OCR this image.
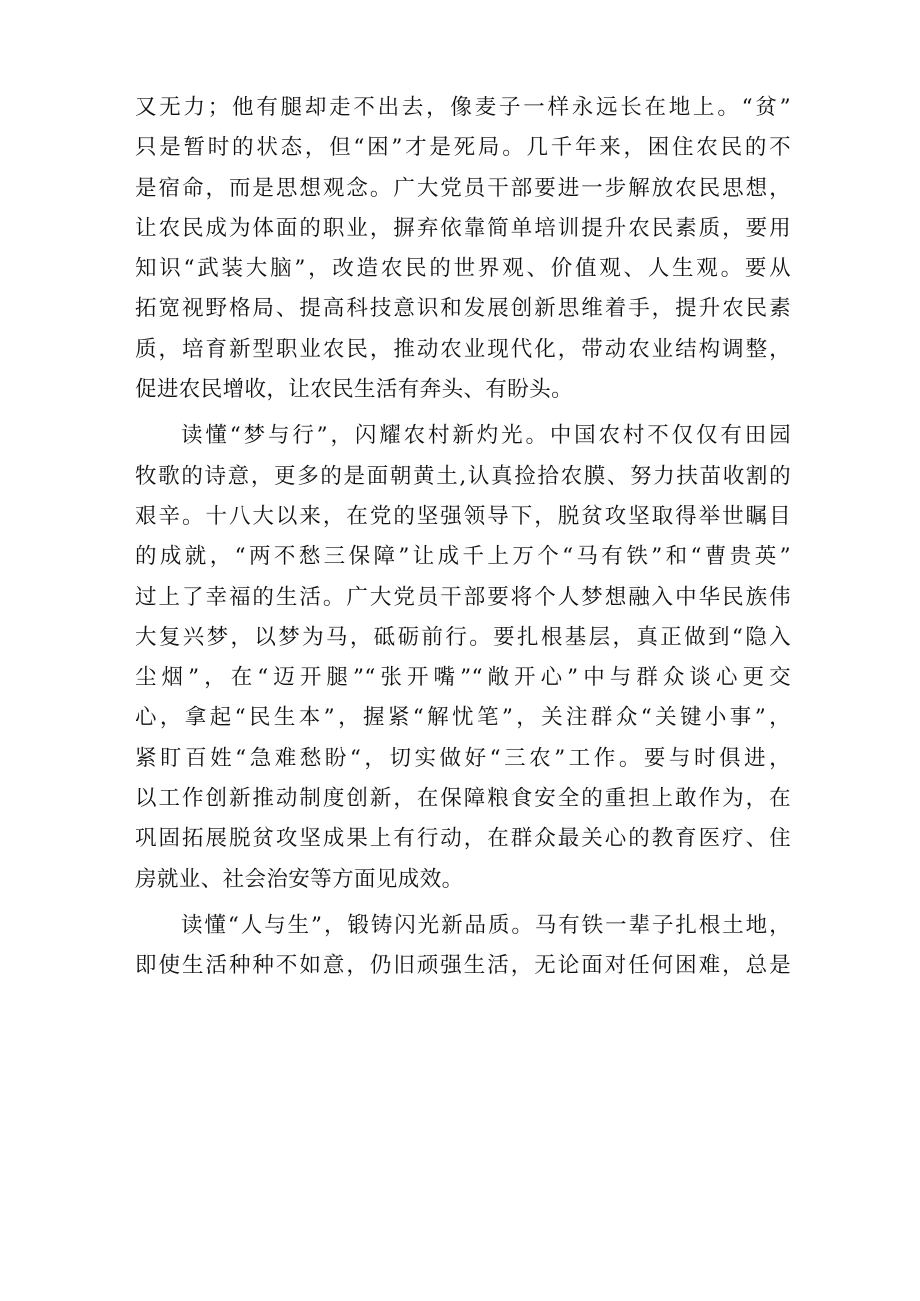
又无力；他有腿却走不出去，像麦子一样永远长在地上。“贫”
只是暂时的状态，但“困”才是死局。几千年来，困住农民的不
是宿命，而是思想观念。广大党员干部要进一步解放农民思想，
让农民成为体面的职业，摒弃依靠简单培训提升农民素质，要用
知识“武装大脑”，改造农民的世界观、价值观、人生观。要从
拓宽视野格局、提高科技意识和发展创新思维着手，提升农民素
质，培育新型职业农民，推动农业现代化，带动农业结构调整，
促进农民增收，让农民生活有奔头、有盼头。
读懂“梦与行”，闪耀农村新灼光。中国农村不仅仅有田园
牧歌的诗意，更多的是面朝黄土,认真捡拾农膜、努力扶苗收割的
艰辛。十八大以来，在党的坚强领导下，脱贫攻坚取得举世瞩目
的成就，“两不愁三保障”让成千上万个“马有铁”和“曹贵英”
过上了幸福的生活。广大党员干部要将个人梦想融入中华民族伟
大复兴梦，以梦为马，砥砺前行。要扎根基层，真正做到“隐入
尘烟”，在“迈开腿”“张开嘴”“敞开心”中与群众谈心更交
心，拿起“民生本”，握紧“解忧笔”，关注群众“关键小事”，
紧盯百姓“急难愁盼“，切实做好“三农”工作。要与时俱进，
以工作创新推动制度创新，在保障粮食安全的重担上敢作为，在
巩固拓展脱贫攻坚成果上有行动，在群众最关心的教育医疗、住
房就业、社会治安等方面见成效。
读懂“人与生”，锻铸闪光新品质。马有铁一辈子扎根土地，
即使生活种种不如意，仍旧顽强生活，无论面对任何困难，总是
